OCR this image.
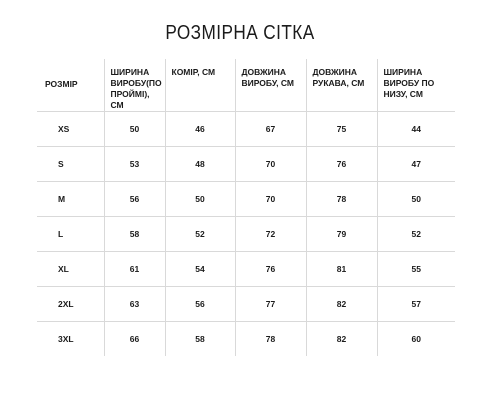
РОЗМІРНА СІТКА
РОЗМІР	ШИРИНА ВИРОБУ(ПО ПРОЙМІ), СМ	КОМІР, СМ	ДОВЖИНА ВИРОБУ, СМ	ДОВЖИНА РУКАВА, СМ	ШИРИНА ВИРОБУ ПО НИЗУ, СМ
XS	50	46	67	75	44
S	53	48	70	76	47
M	56	50	70	78	50
L	58	52	72	79	52
XL	61	54	76	81	55
2XL	63	56	77	82	57
3XL	66	58	78	82	60
